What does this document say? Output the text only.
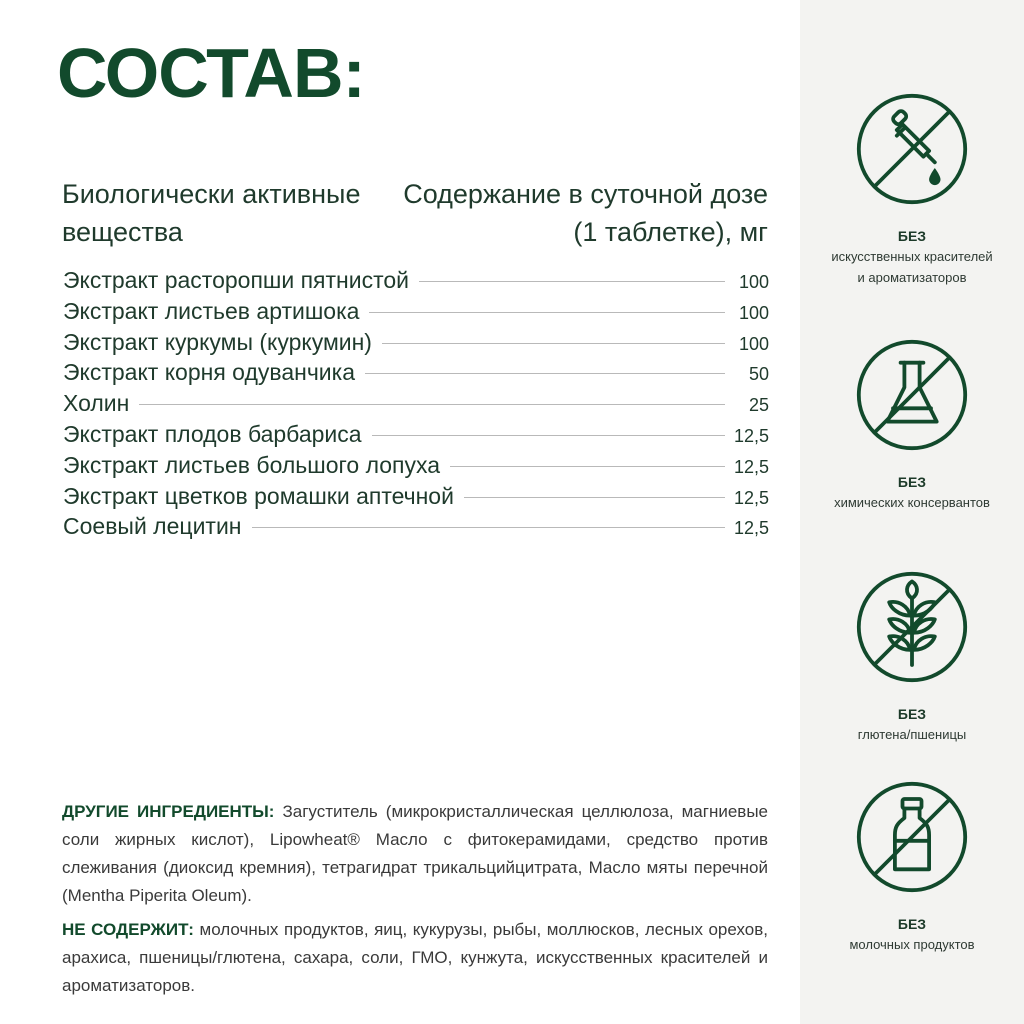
СОСТАВ:
Биологически активные вещества
Содержание в суточной дозе (1 таблетке), мг
Экстракт расторопши пятнистой	100
Экстракт листьев артишока	100
Экстракт куркумы (куркумин)	100
Экстракт корня одуванчика	50
Холин	25
Экстракт плодов барбариса	12,5
Экстракт листьев большого лопуха	12,5
Экстракт цветков ромашки аптечной	12,5
Соевый лецитин	12,5

ДРУГИЕ ИНГРЕДИЕНТЫ: Загуститель (микрокристаллическая целлюлоза, магниевые соли жирных кислот), Lipowheat® Масло с фитокерамидами, средство против слеживания (диоксид кремния), тетрагидрат трикальцийцитрата, Масло мяты перечной (Mentha Piperita Oleum).

НЕ СОДЕРЖИТ: молочных продуктов, яиц, кукурузы, рыбы, моллюсков, лесных орехов, арахиса, пшеницы/глютена, сахара, соли, ГМО, кунжута, искусственных красителей и ароматизаторов.

БЕЗ
искусственных красителей и ароматизаторов
БЕЗ
химических консервантов
БЕЗ
глютена/пшеницы
БЕЗ
молочных продуктов
